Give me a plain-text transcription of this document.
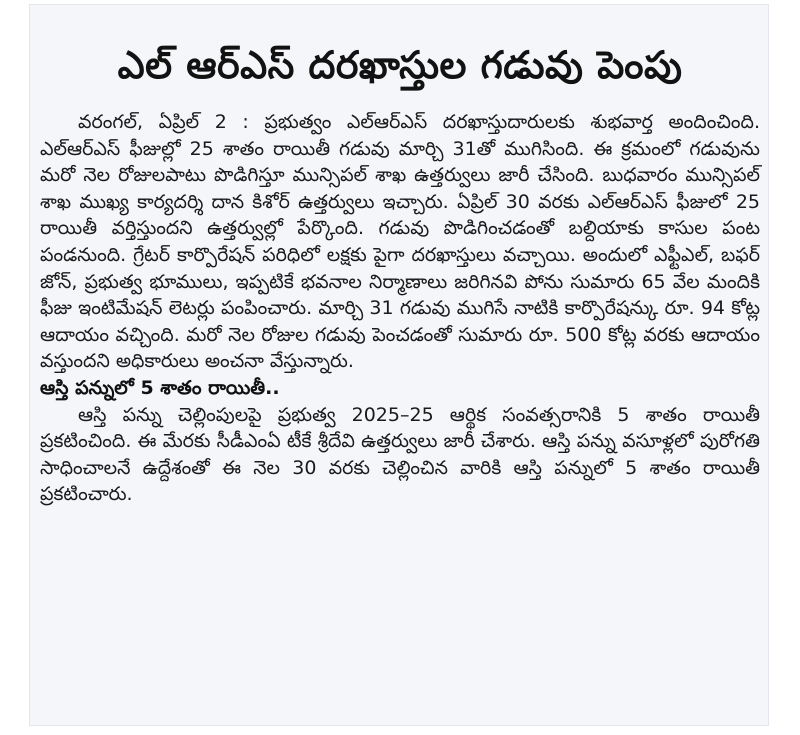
ఎల్ ఆర్ఎస్ దరఖాస్తుల గడువు పెంపు

వరంగల్, ఏప్రిల్ 2 : ప్రభుత్వం ఎల్ఆర్ఎస్ దరఖాస్తుదారులకు శుభవార్త అందించింది. ఎల్ఆర్ఎస్ ఫీజుల్లో 25 శాతం రాయితీ గడువు మార్చి 31తో ముగిసింది. ఈ క్రమంలో గడువును మరో నెల రోజులపాటు పొడిగిస్తూ మున్సిపల్ శాఖ ఉత్తర్వులు జారీ చేసింది. బుధవారం మున్సిపల్ శాఖ ముఖ్య కార్యదర్శి దాన కిశోర్ ఉత్తర్వులు ఇచ్చారు. ఏప్రిల్ 30 వరకు ఎల్ఆర్ఎస్ ఫీజులో 25 రాయితీ వర్తిస్తుందని ఉత్తర్వుల్లో పేర్కొంది. గడువు పొడిగించడంతో బల్దియాకు కాసుల పంట పండనుంది. గ్రేటర్ కార్పొరేషన్ పరిధిలో లక్షకు పైగా దరఖాస్తులు వచ్చాయి. అందులో ఎఫ్టీఎల్, బఫర్ జోన్, ప్రభుత్వ భూములు, ఇప్పటికే భవనాల నిర్మాణాలు జరిగినవి పోను సుమారు 65 వేల మందికి ఫీజు ఇంటిమేషన్ లెటర్లు పంపించారు. మార్చి 31 గడువు ముగిసే నాటికి కార్పొరేషన్కు రూ. 94 కోట్ల ఆదాయం వచ్చింది. మరో నెల రోజుల గడువు పెంచడంతో సుమారు రూ. 500 కోట్ల వరకు ఆదాయం వస్తుందని అధికారులు అంచనా వేస్తున్నారు.

ఆస్తి పన్నులో 5 శాతం రాయితీ..

ఆస్తి పన్ను చెల్లింపులపై ప్రభుత్వ 2025–25 ఆర్థిక సంవత్సరానికి 5 శాతం రాయితీ ప్రకటించింది. ఈ మేరకు సీడీఎంఏ టీకే శ్రీదేవి ఉత్తర్వులు జారీ చేశారు. ఆస్తి పన్ను వసూళ్లలో పురోగతి సాధించాలనే ఉద్దేశంతో ఈ నెల 30 వరకు చెల్లించిన వారికి ఆస్తి పన్నులో 5 శాతం రాయితీ ప్రకటించారు.
